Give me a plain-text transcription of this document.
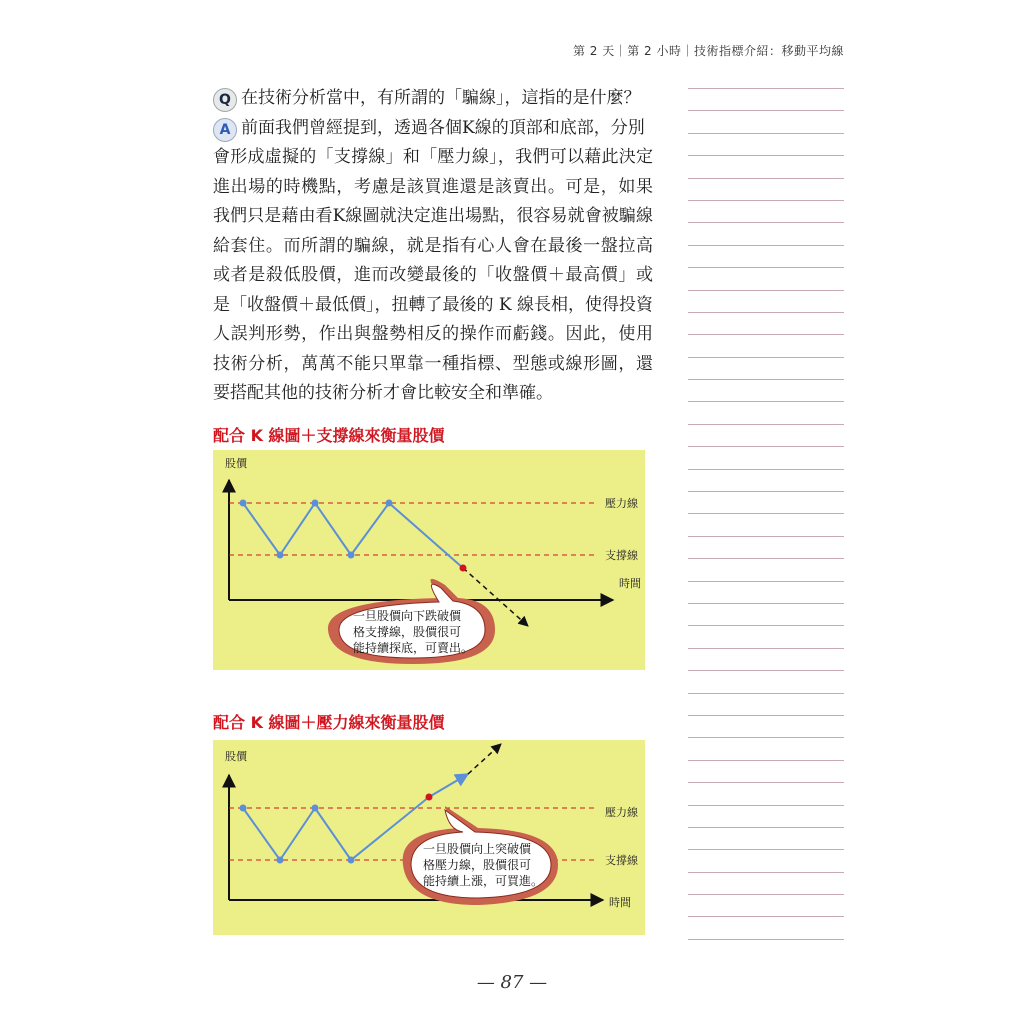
第 2 天｜第 2 小時｜技術指標介紹：移動平均線
Q 在技術分析當中，有所謂的「騙線」，這指的是什麼？

A 前面我們曾經提到，透過各個K線的頂部和底部，分別

會形成虛擬的「支撐線」和「壓力線」，我們可以藉此決定進出場的時機點，考慮是該買進還是該賣出。可是，如果我們只是藉由看K線圖就決定進出場點，很容易就會被騙線給套住。而所謂的騙線，就是指有心人會在最後一盤拉高或者是殺低股價，進而改變最後的「收盤價＋最高價」或是「收盤價＋最低價」，扭轉了最後的 K 線長相，使得投資人誤判形勢，作出與盤勢相反的操作而虧錢。因此，使用技術分析，萬萬不能只單靠一種指標、型態或線形圖，還要搭配其他的技術分析才會比較安全和準確。

配合 K 線圖＋支撐線來衡量股價
股價
壓力線
支撐線
時間
一旦股價向下跌破價
格支撐線，股價很可
能持續探底，可賣出。
配合 K 線圖＋壓力線來衡量股價
股價
壓力線
支撐線
時間
一旦股價向上突破價
格壓力線，股價很可
能持續上漲，可買進。
— 87 —
